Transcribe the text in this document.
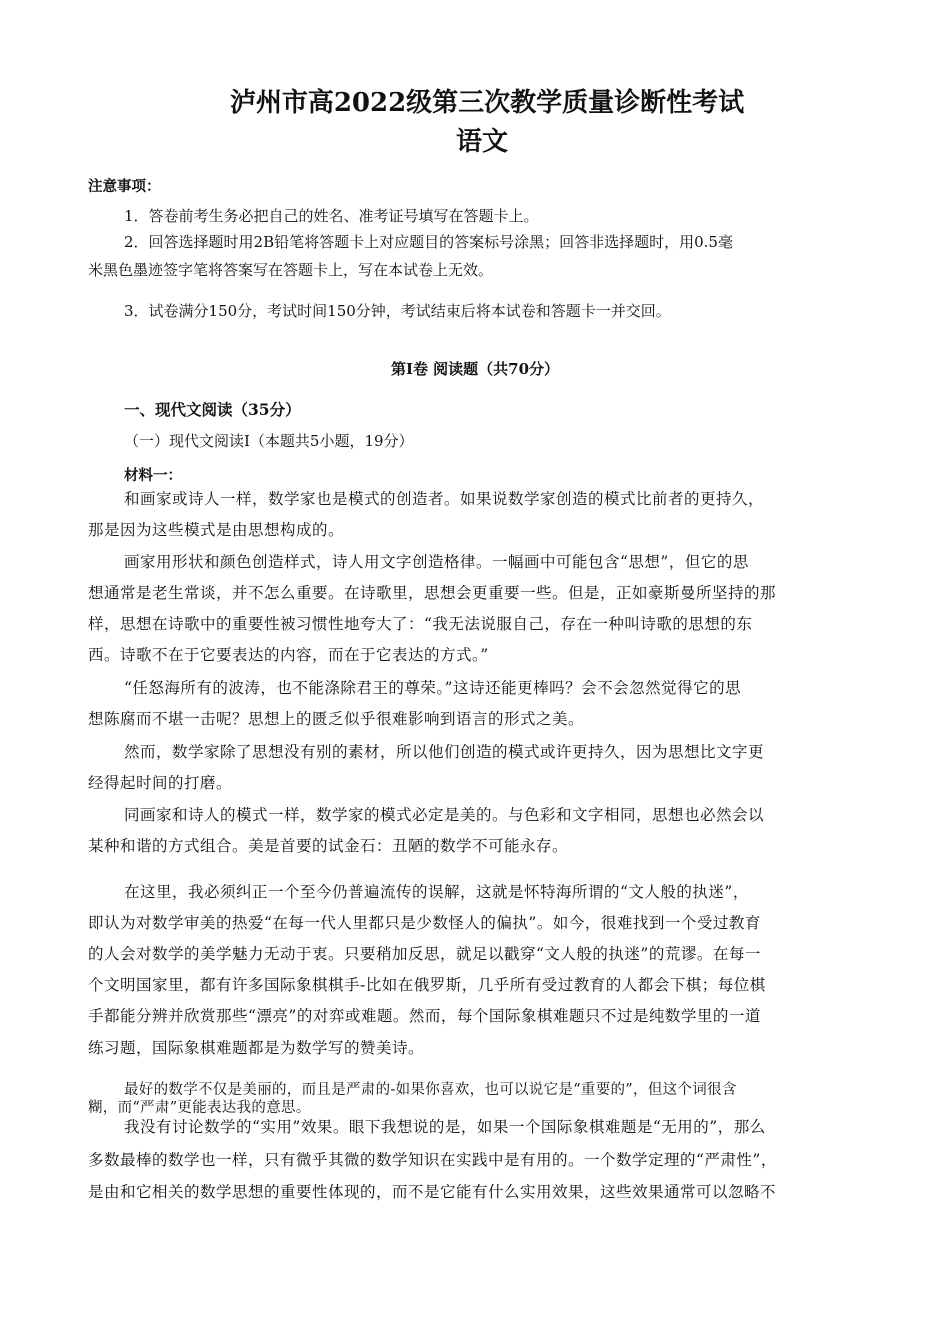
泸州市高2022级第三次教学质量诊断性考试
语文

注意事项：

1．答卷前考生务必把自己的姓名、准考证号填写在答题卡上。

2．回答选择题时用2B铅笔将答题卡上对应题目的答案标号涂黑；回答非选择题时，用0.5毫

米黑色墨迹签字笔将答案写在答题卡上，写在本试卷上无效。

3．试卷满分150分，考试时间150分钟，考试结束后将本试卷和答题卡一并交回。

第I卷 阅读题（共70分）

一、现代文阅读（35分）

（一）现代文阅读I（本题共5小题，19分）

材料一：

和画家或诗人一样，数学家也是模式的创造者。如果说数学家创造的模式比前者的更持久，

那是因为这些模式是由思想构成的。

画家用形状和颜色创造样式，诗人用文字创造格律。一幅画中可能包含“思想”，但它的思

想通常是老生常谈，并不怎么重要。在诗歌里，思想会更重要一些。但是，正如豪斯曼所坚持的那

样，思想在诗歌中的重要性被习惯性地夸大了：“我无法说服自己，存在一种叫诗歌的思想的东

西。诗歌不在于它要表达的内容，而在于它表达的方式。”

“任怒海所有的波涛，也不能涤除君王的尊荣。”这诗还能更棒吗？会不会忽然觉得它的思

想陈腐而不堪一击呢？思想上的匮乏似乎很难影响到语言的形式之美。

然而，数学家除了思想没有别的素材，所以他们创造的模式或许更持久，因为思想比文字更

经得起时间的打磨。

同画家和诗人的模式一样，数学家的模式必定是美的。与色彩和文字相同，思想也必然会以

某种和谐的方式组合。美是首要的试金石：丑陋的数学不可能永存。

在这里，我必须纠正一个至今仍普遍流传的误解，这就是怀特海所谓的“文人般的执迷”，

即认为对数学审美的热爱“在每一代人里都只是少数怪人的偏执”。如今，很难找到一个受过教育

的人会对数学的美学魅力无动于衷。只要稍加反思，就足以戳穿“文人般的执迷”的荒谬。在每一

个文明国家里，都有许多国际象棋棋手-比如在俄罗斯，几乎所有受过教育的人都会下棋；每位棋

手都能分辨并欣赏那些“漂亮”的对弈或难题。然而，每个国际象棋难题只不过是纯数学里的一道

练习题，国际象棋难题都是为数学写的赞美诗。

最好的数学不仅是美丽的，而且是严肃的-如果你喜欢，也可以说它是“重要的”，但这个词很含

糊，而“严肃”更能表达我的意思。

我没有讨论数学的“实用”效果。眼下我想说的是，如果一个国际象棋难题是“无用的”，那么

多数最棒的数学也一样，只有微乎其微的数学知识在实践中是有用的。一个数学定理的“严肃性”，

是由和它相关的数学思想的重要性体现的，而不是它能有什么实用效果，这些效果通常可以忽略不
